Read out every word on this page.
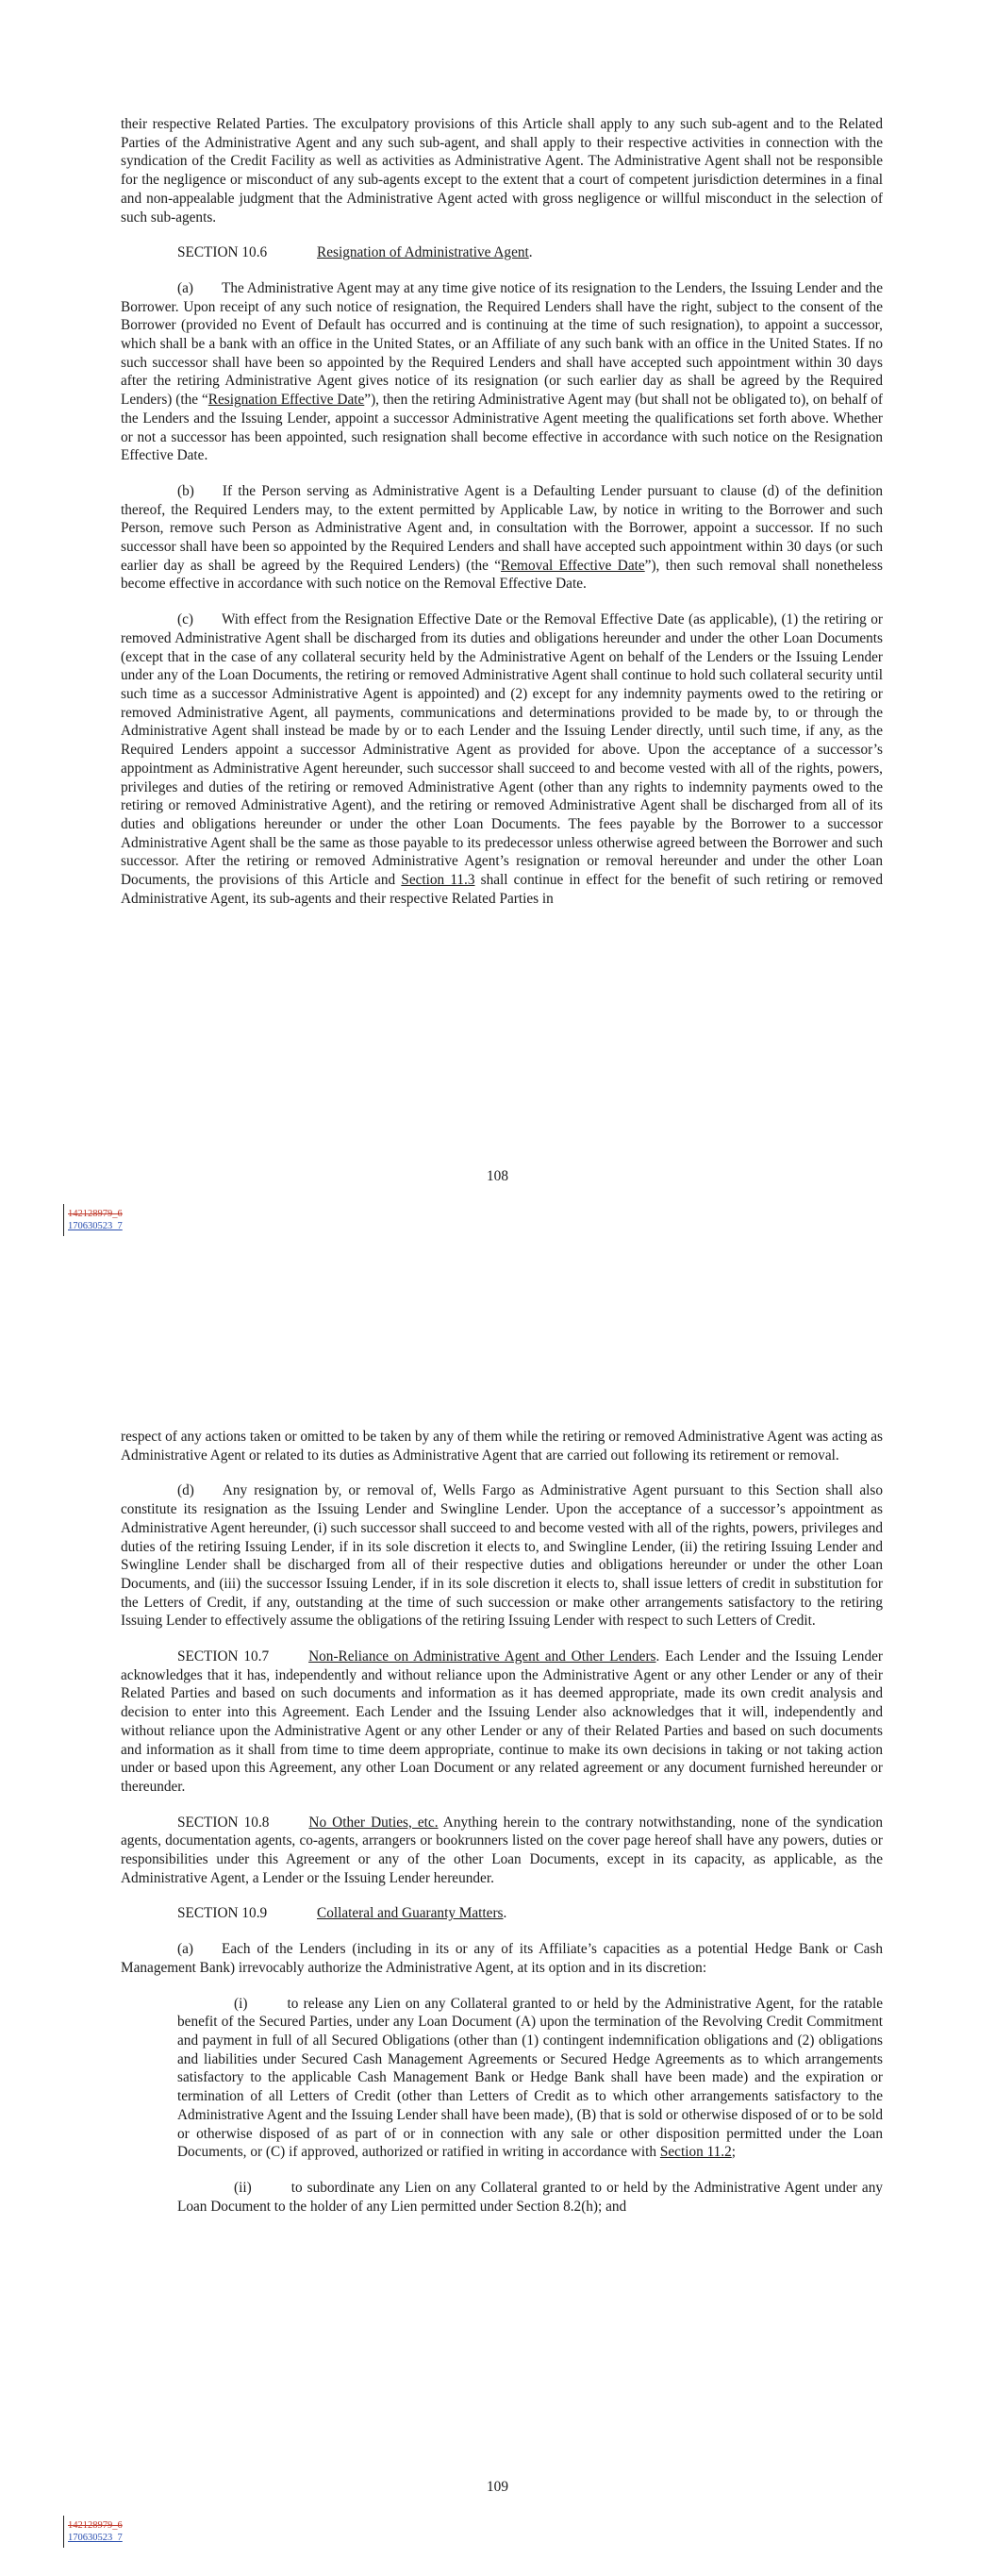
their respective Related Parties. The exculpatory provisions of this Article shall apply to any such sub-agent and to the Related Parties of the Administrative Agent and any such sub-agent, and shall apply to their respective activities in connection with the syndication of the Credit Facility as well as activities as Administrative Agent. The Administrative Agent shall not be responsible for the negligence or misconduct of any sub-agents except to the extent that a court of competent jurisdiction determines in a final and non-appealable judgment that the Administrative Agent acted with gross negligence or willful misconduct in the selection of such sub-agents.

SECTION 10.6	Resignation of Administrative Agent.

(a) The Administrative Agent may at any time give notice of its resignation to the Lenders, the Issuing Lender and the Borrower. Upon receipt of any such notice of resignation, the Required Lenders shall have the right, subject to the consent of the Borrower (provided no Event of Default has occurred and is continuing at the time of such resignation), to appoint a successor, which shall be a bank with an office in the United States, or an Affiliate of any such bank with an office in the United States. If no such successor shall have been so appointed by the Required Lenders and shall have accepted such appointment within 30 days after the retiring Administrative Agent gives notice of its resignation (or such earlier day as shall be agreed by the Required Lenders) (the “Resignation Effective Date”), then the retiring Administrative Agent may (but shall not be obligated to), on behalf of the Lenders and the Issuing Lender, appoint a successor Administrative Agent meeting the qualifications set forth above. Whether or not a successor has been appointed, such resignation shall become effective in accordance with such notice on the Resignation Effective Date.

(b) If the Person serving as Administrative Agent is a Defaulting Lender pursuant to clause (d) of the definition thereof, the Required Lenders may, to the extent permitted by Applicable Law, by notice in writing to the Borrower and such Person, remove such Person as Administrative Agent and, in consultation with the Borrower, appoint a successor. If no such successor shall have been so appointed by the Required Lenders and shall have accepted such appointment within 30 days (or such earlier day as shall be agreed by the Required Lenders) (the “Removal Effective Date”), then such removal shall nonetheless become effective in accordance with such notice on the Removal Effective Date.

(c) With effect from the Resignation Effective Date or the Removal Effective Date (as applicable), (1) the retiring or removed Administrative Agent shall be discharged from its duties and obligations hereunder and under the other Loan Documents (except that in the case of any collateral security held by the Administrative Agent on behalf of the Lenders or the Issuing Lender under any of the Loan Documents, the retiring or removed Administrative Agent shall continue to hold such collateral security until such time as a successor Administrative Agent is appointed) and (2) except for any indemnity payments owed to the retiring or removed Administrative Agent, all payments, communications and determinations provided to be made by, to or through the Administrative Agent shall instead be made by or to each Lender and the Issuing Lender directly, until such time, if any, as the Required Lenders appoint a successor Administrative Agent as provided for above. Upon the acceptance of a successor’s appointment as Administrative Agent hereunder, such successor shall succeed to and become vested with all of the rights, powers, privileges and duties of the retiring or removed Administrative Agent (other than any rights to indemnity payments owed to the retiring or removed Administrative Agent), and the retiring or removed Administrative Agent shall be discharged from all of its duties and obligations hereunder or under the other Loan Documents. The fees payable by the Borrower to a successor Administrative Agent shall be the same as those payable to its predecessor unless otherwise agreed between the Borrower and such successor. After the retiring or removed Administrative Agent’s resignation or removal hereunder and under the other Loan Documents, the provisions of this Article and Section 11.3 shall continue in effect for the benefit of such retiring or removed Administrative Agent, its sub-agents and their respective Related Parties in

108
142128979_6
170630523_7

respect of any actions taken or omitted to be taken by any of them while the retiring or removed Administrative Agent was acting as Administrative Agent or related to its duties as Administrative Agent that are carried out following its retirement or removal.

(d) Any resignation by, or removal of, Wells Fargo as Administrative Agent pursuant to this Section shall also constitute its resignation as the Issuing Lender and Swingline Lender. Upon the acceptance of a successor’s appointment as Administrative Agent hereunder, (i) such successor shall succeed to and become vested with all of the rights, powers, privileges and duties of the retiring Issuing Lender, if in its sole discretion it elects to, and Swingline Lender, (ii) the retiring Issuing Lender and Swingline Lender shall be discharged from all of their respective duties and obligations hereunder or under the other Loan Documents, and (iii) the successor Issuing Lender, if in its sole discretion it elects to, shall issue letters of credit in substitution for the Letters of Credit, if any, outstanding at the time of such succession or make other arrangements satisfactory to the retiring Issuing Lender to effectively assume the obligations of the retiring Issuing Lender with respect to such Letters of Credit.

SECTION 10.7	Non-Reliance on Administrative Agent and Other Lenders. Each Lender and the Issuing Lender acknowledges that it has, independently and without reliance upon the Administrative Agent or any other Lender or any of their Related Parties and based on such documents and information as it has deemed appropriate, made its own credit analysis and decision to enter into this Agreement. Each Lender and the Issuing Lender also acknowledges that it will, independently and without reliance upon the Administrative Agent or any other Lender or any of their Related Parties and based on such documents and information as it shall from time to time deem appropriate, continue to make its own decisions in taking or not taking action under or based upon this Agreement, any other Loan Document or any related agreement or any document furnished hereunder or thereunder.

SECTION 10.8	No Other Duties, etc. Anything herein to the contrary notwithstanding, none of the syndication agents, documentation agents, co-agents, arrangers or bookrunners listed on the cover page hereof shall have any powers, duties or responsibilities under this Agreement or any of the other Loan Documents, except in its capacity, as applicable, as the Administrative Agent, a Lender or the Issuing Lender hereunder.

SECTION 10.9	Collateral and Guaranty Matters.

(a) Each of the Lenders (including in its or any of its Affiliate’s capacities as a potential Hedge Bank or Cash Management Bank) irrevocably authorize the Administrative Agent, at its option and in its discretion:

(i)	to release any Lien on any Collateral granted to or held by the Administrative Agent, for the ratable benefit of the Secured Parties, under any Loan Document (A) upon the termination of the Revolving Credit Commitment and payment in full of all Secured Obligations (other than (1) contingent indemnification obligations and (2) obligations and liabilities under Secured Cash Management Agreements or Secured Hedge Agreements as to which arrangements satisfactory to the applicable Cash Management Bank or Hedge Bank shall have been made) and the expiration or termination of all Letters of Credit (other than Letters of Credit as to which other arrangements satisfactory to the Administrative Agent and the Issuing Lender shall have been made), (B) that is sold or otherwise disposed of or to be sold or otherwise disposed of as part of or in connection with any sale or other disposition permitted under the Loan Documents, or (C) if approved, authorized or ratified in writing in accordance with Section 11.2;

(ii)	to subordinate any Lien on any Collateral granted to or held by the Administrative Agent under any Loan Document to the holder of any Lien permitted under Section 8.2(h); and

109
142128979_6
170630523_7
